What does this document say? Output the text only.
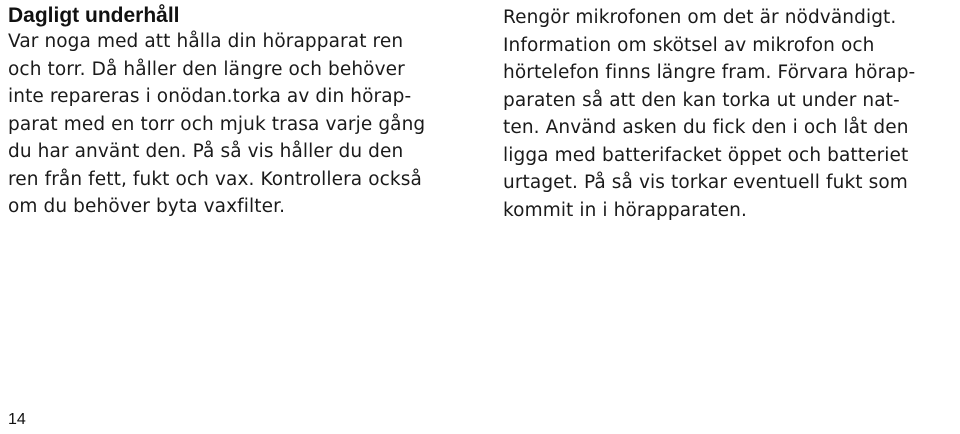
Dagligt underhåll

Var noga med att hålla din hörapparat ren
och torr. Då håller den längre och behöver
inte repareras i onödan.torka av din hörap-
parat med en torr och mjuk trasa varje gång
du har använt den. På så vis håller du den
ren från fett, fukt och vax. Kontrollera också
om du behöver byta vaxfilter.

Rengör mikrofonen om det är nödvändigt.
Information om skötsel av mikrofon och
hörtelefon finns längre fram. Förvara hörap-
paraten så att den kan torka ut under nat-
ten. Använd asken du fick den i och låt den
ligga med batterifacket öppet och batteriet
urtaget. På så vis torkar eventuell fukt som
kommit in i hörapparaten.

14
